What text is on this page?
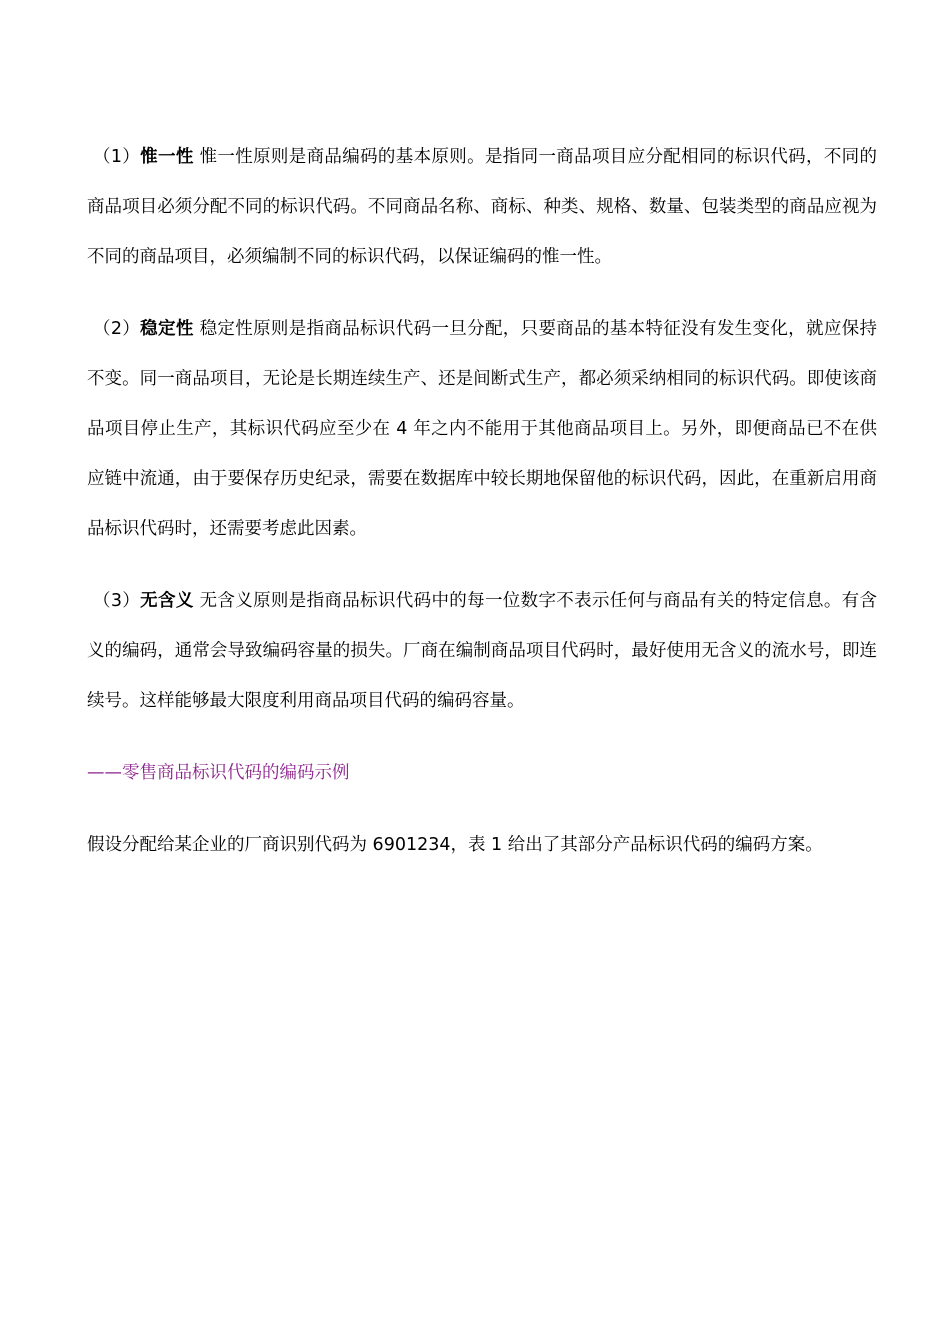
（1）惟一性 惟一性原则是商品编码的基本原则。是指同一商品项目应分配相同的标识代码，不同的商品项目必须分配不同的标识代码。不同商品名称、商标、种类、规格、数量、包装类型的商品应视为不同的商品项目，必须编制不同的标识代码，以保证编码的惟一性。

（2）稳定性 稳定性原则是指商品标识代码一旦分配，只要商品的基本特征没有发生变化，就应保持不变。同一商品项目，无论是长期连续生产、还是间断式生产，都必须采纳相同的标识代码。即使该商品项目停止生产，其标识代码应至少在 4 年之内不能用于其他商品项目上。另外，即便商品已不在供应链中流通，由于要保存历史纪录，需要在数据库中较长期地保留他的标识代码，因此，在重新启用商品标识代码时，还需要考虑此因素。

（3）无含义 无含义原则是指商品标识代码中的每一位数字不表示任何与商品有关的特定信息。有含义的编码，通常会导致编码容量的损失。厂商在编制商品项目代码时，最好使用无含义的流水号，即连续号。这样能够最大限度利用商品项目代码的编码容量。

——零售商品标识代码的编码示例

假设分配给某企业的厂商识别代码为 6901234，表 1 给出了其部分产品标识代码的编码方案。
